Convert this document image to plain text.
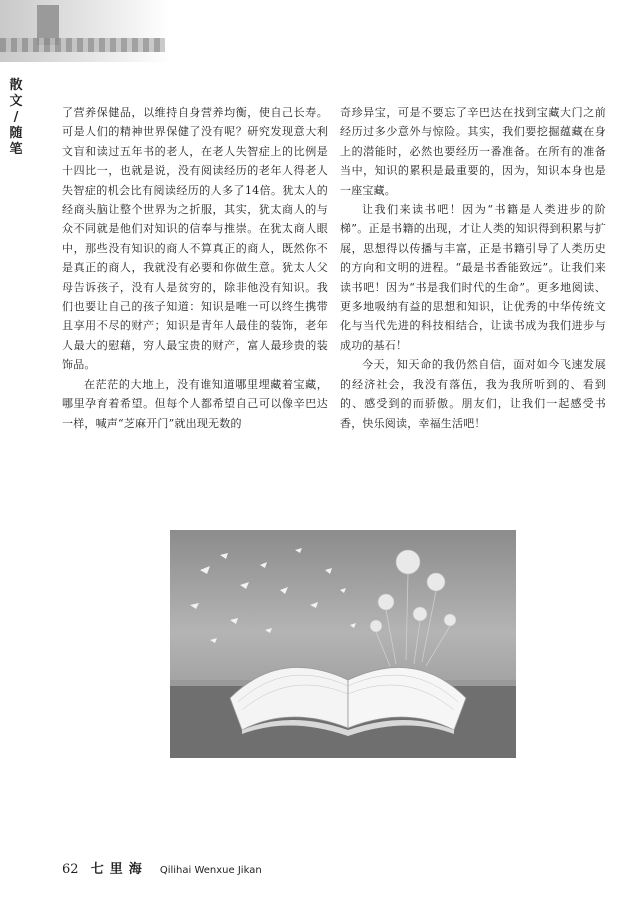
散
文
/
随
笔

了营养保健品，以维持自身营养均衡，使自己长寿。可是人们的精神世界保健了没有呢？研究发现意大利文盲和读过五年书的老人，在老人失智症上的比例是十四比一，也就是说，没有阅读经历的老年人得老人失智症的机会比有阅读经历的人多了14倍。犹太人的经商头脑让整个世界为之折服，其实，犹太商人的与众不同就是他们对知识的信奉与推崇。在犹太商人眼中，那些没有知识的商人不算真正的商人，既然你不是真正的商人，我就没有必要和你做生意。犹太人父母告诉孩子，没有人是贫穷的，除非他没有知识。我们也要让自己的孩子知道：知识是唯一可以终生携带且享用不尽的财产；知识是青年人最佳的装饰，老年人最大的慰藉，穷人最宝贵的财产，富人最珍贵的装饰品。

在茫茫的大地上，没有谁知道哪里埋藏着宝藏，哪里孕育着希望。但每个人都希望自己可以像辛巴达一样，喊声“芝麻开门”就出现无数的

奇珍异宝，可是不要忘了辛巴达在找到宝藏大门之前经历过多少意外与惊险。其实，我们要挖掘蕴藏在身上的潜能时，必然也要经历一番准备。在所有的准备当中，知识的累积是最重要的，因为，知识本身也是一座宝藏。

让我们来读书吧！因为“书籍是人类进步的阶梯”。正是书籍的出现，才让人类的知识得到积累与扩展，思想得以传播与丰富，正是书籍引导了人类历史的方向和文明的进程。“最是书香能致远”。让我们来读书吧！因为“书是我们时代的生命”。更多地阅读、更多地吸纳有益的思想和知识，让优秀的中华传统文化与当代先进的科技相结合，让读书成为我们进步与成功的基石！

今天，知天命的我仍然自信，面对如今飞速发展的经济社会，我没有落伍，我为我所听到的、看到的、感受到的而骄傲。朋友们，让我们一起感受书香，快乐阅读，幸福生活吧！

62 七里海 Qilihai Wenxue Jikan
